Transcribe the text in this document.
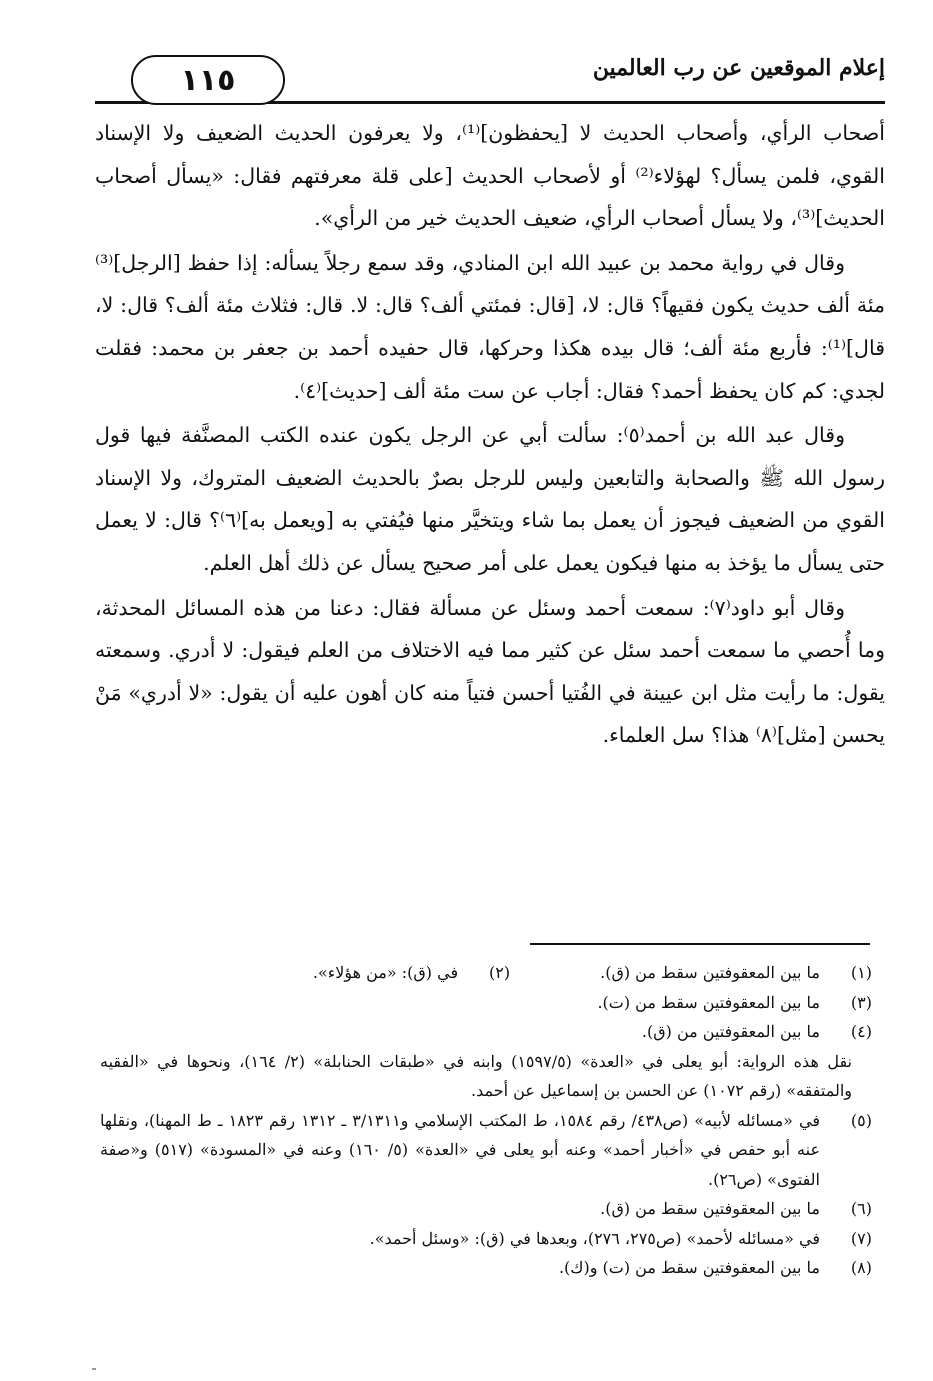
إعلام الموقعين عن رب العالمين
١١٥

أصحاب الرأي، وأصحاب الحديث لا [يحفظون]⁽¹⁾، ولا يعرفون الحديث الضعيف ولا الإسناد القوي، فلمن يسأل؟ لهؤلاء⁽²⁾ أو لأصحاب الحديث [على قلة معرفتهم فقال: «يسأل أصحاب الحديث]⁽³⁾، ولا يسأل أصحاب الرأي، ضعيف الحديث خير من الرأي».

وقال في رواية محمد بن عبيد الله ابن المنادي، وقد سمع رجلاً يسأله: إذا حفظ [الرجل]⁽³⁾ مئة ألف حديث يكون فقيهاً؟ قال: لا، [قال: فمئتي ألف؟ قال: لا. قال: فثلاث مئة ألف؟ قال: لا، قال]⁽¹⁾: فأربع مئة ألف؛ قال بيده هكذا وحركها، قال حفيده أحمد بن جعفر بن محمد: فقلت لجدي: كم كان يحفظ أحمد؟ فقال: أجاب عن ست مئة ألف [حديث]⁽٤⁾.

وقال عبد الله بن أحمد⁽٥⁾: سألت أبي عن الرجل يكون عنده الكتب المصنَّفة فيها قول رسول الله ﷺ والصحابة والتابعين وليس للرجل بصرٌ بالحديث الضعيف المتروك، ولا الإسناد القوي من الضعيف فيجوز أن يعمل بما شاء ويتخيَّر منها فيُفتي به [ويعمل به]⁽٦⁾؟ قال: لا يعمل حتى يسأل ما يؤخذ به منها فيكون يعمل على أمر صحيح يسأل عن ذلك أهل العلم.

وقال أبو داود⁽٧⁾: سمعت أحمد وسئل عن مسألة فقال: دعنا من هذه المسائل المحدثة، وما أُحصي ما سمعت أحمد سئل عن كثير مما فيه الاختلاف من العلم فيقول: لا أدري. وسمعته يقول: ما رأيت مثل ابن عيينة في الفُتيا أحسن فتياً منه كان أهون عليه أن يقول: «لا أدري» مَنْ يحسن [مثل]⁽٨⁾ هذا؟ سل العلماء.

(١)
ما بين المعقوفتين سقط من (ق).
(٢)
في (ق): «من هؤلاء».
(٣)
ما بين المعقوفتين سقط من (ت).
(٤)
ما بين المعقوفتين من (ق).
نقل هذه الرواية: أبو يعلى في «العدة» (١٥٩٧/٥) وابنه في «طبقات الحنابلة» (٢/ ١٦٤)، ونحوها في «الفقيه والمتفقه» (رقم ١٠٧٢) عن الحسن بن إسماعيل عن أحمد.
(٥)
في «مسائله لأبيه» (ص٤٣٨/ رقم ١٥٨٤، ط المكتب الإسلامي و٣/١٣١١ ـ ١٣١٢ رقم ١٨٢٣ ـ ط المهنا)، ونقلها عنه أبو حفص في «أخبار أحمد» وعنه أبو يعلى في «العدة» (٥/ ١٦٠) وعنه في «المسودة» (٥١٧) و«صفة الفتوى» (ص٢٦).
(٦)
ما بين المعقوفتين سقط من (ق).
(٧)
في «مسائله لأحمد» (ص٢٧٥، ٢٧٦)، وبعدها في (ق): «وسئل أحمد».
(٨)
ما بين المعقوفتين سقط من (ت) و(ك).
